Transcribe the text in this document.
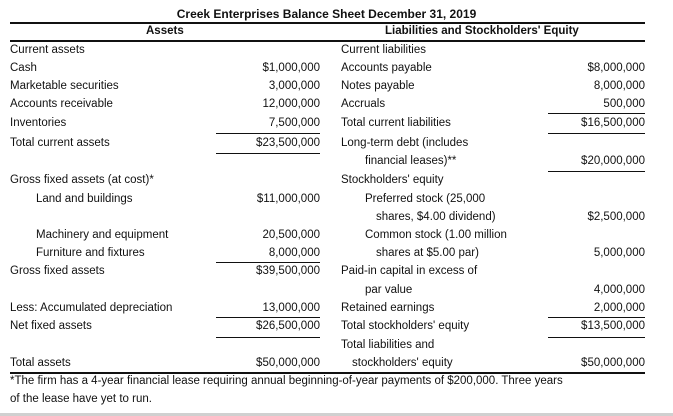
Creek Enterprises Balance Sheet December 31, 2019
Assets	Liabilities and Stockholders' Equity
Current assets
Cash	$1,000,000
Marketable securities	3,000,000
Accounts receivable	12,000,000
Inventories	7,500,000
Total current assets	$23,500,000
Gross fixed assets (at cost)*
Land and buildings	$11,000,000
Machinery and equipment	20,500,000
Furniture and fixtures	8,000,000
Gross fixed assets	$39,500,000
Less: Accumulated depreciation	13,000,000
Net fixed assets	$26,500,000
Total assets	$50,000,000
Current liabilities
Accounts payable	$8,000,000
Notes payable	8,000,000
Accruals	500,000
Total current liabilities	$16,500,000
Long-term debt (includes
financial leases)**	$20,000,000
Stockholders' equity
Preferred stock (25,000
shares, $4.00 dividend)	$2,500,000
Common stock (1.00 million
shares at $5.00 par)	5,000,000
Paid-in capital in excess of
par value	4,000,000
Retained earnings	2,000,000
Total stockholders' equity	$13,500,000
Total liabilities and
stockholders' equity	$50,000,000
*The firm has a 4-year financial lease requiring annual beginning-of-year payments of $200,000. Three years
of the lease have yet to run.
